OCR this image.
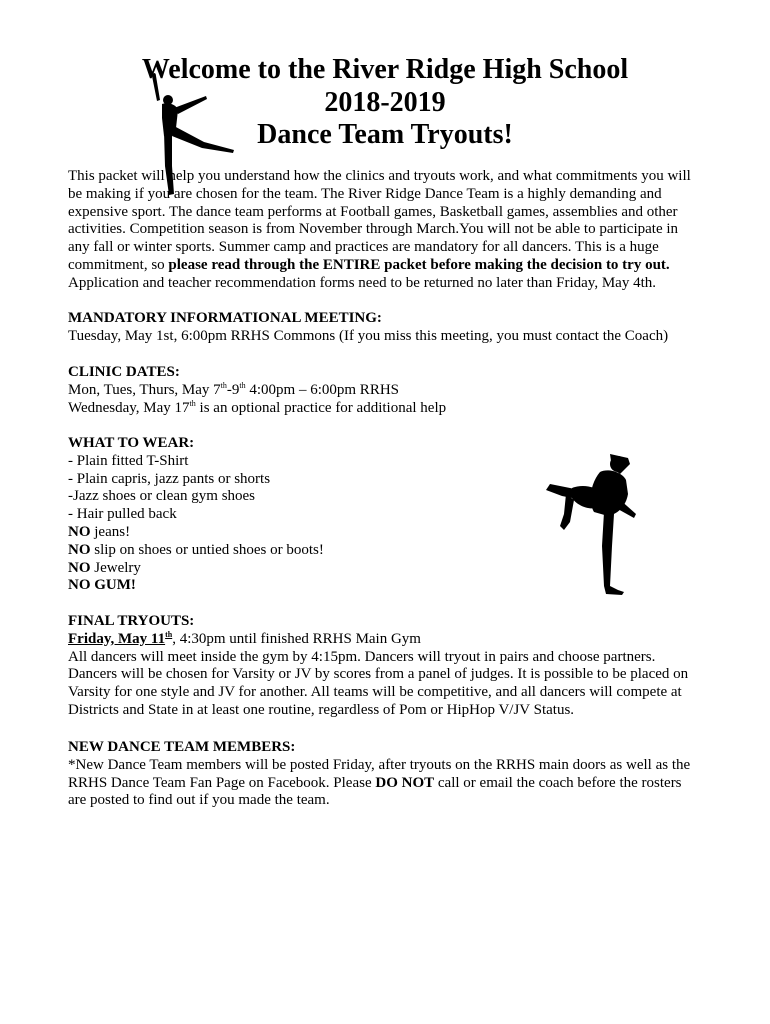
Welcome to the River Ridge High School
2018-2019
Dance Team Tryouts!
This packet will help you understand how the clinics and tryouts work, and what commitments you will
be making if you are chosen for the team. The River Ridge Dance Team is a highly demanding and
expensive sport. The dance team performs at Football games, Basketball games, assemblies and other
activities. Competition season is from November through March.You will not be able to participate in
any fall or winter sports. Summer camp and practices are mandatory for all dancers. This is a huge
commitment, so please read through the ENTIRE packet before making the decision to try out.
Application and teacher recommendation forms need to be returned no later than Friday, May 4th.
MANDATORY INFORMATIONAL MEETING:
Tuesday, May 1st, 6:00pm RRHS Commons (If you miss this meeting, you must contact the Coach)
CLINIC DATES:
Mon, Tues, Thurs, May 7th-9th 4:00pm – 6:00pm RRHS
Wednesday, May 17th is an optional practice for additional help
WHAT TO WEAR:
- Plain fitted T-Shirt
- Plain capris, jazz pants or shorts
-Jazz shoes or clean gym shoes
- Hair pulled back
NO jeans!
NO slip on shoes or untied shoes or boots!
NO Jewelry
NO GUM!
FINAL TRYOUTS:
Friday, May 11th, 4:30pm until finished RRHS Main Gym
All dancers will meet inside the gym by 4:15pm. Dancers will tryout in pairs and choose partners.
Dancers will be chosen for Varsity or JV by scores from a panel of judges. It is possible to be placed on
Varsity for one style and JV for another. All teams will be competitive, and all dancers will compete at
Districts and State in at least one routine, regardless of Pom or HipHop V/JV Status.
NEW DANCE TEAM MEMBERS:
*New Dance Team members will be posted Friday, after tryouts on the RRHS main doors as well as the
RRHS Dance Team Fan Page on Facebook. Please DO NOT call or email the coach before the rosters
are posted to find out if you made the team.
